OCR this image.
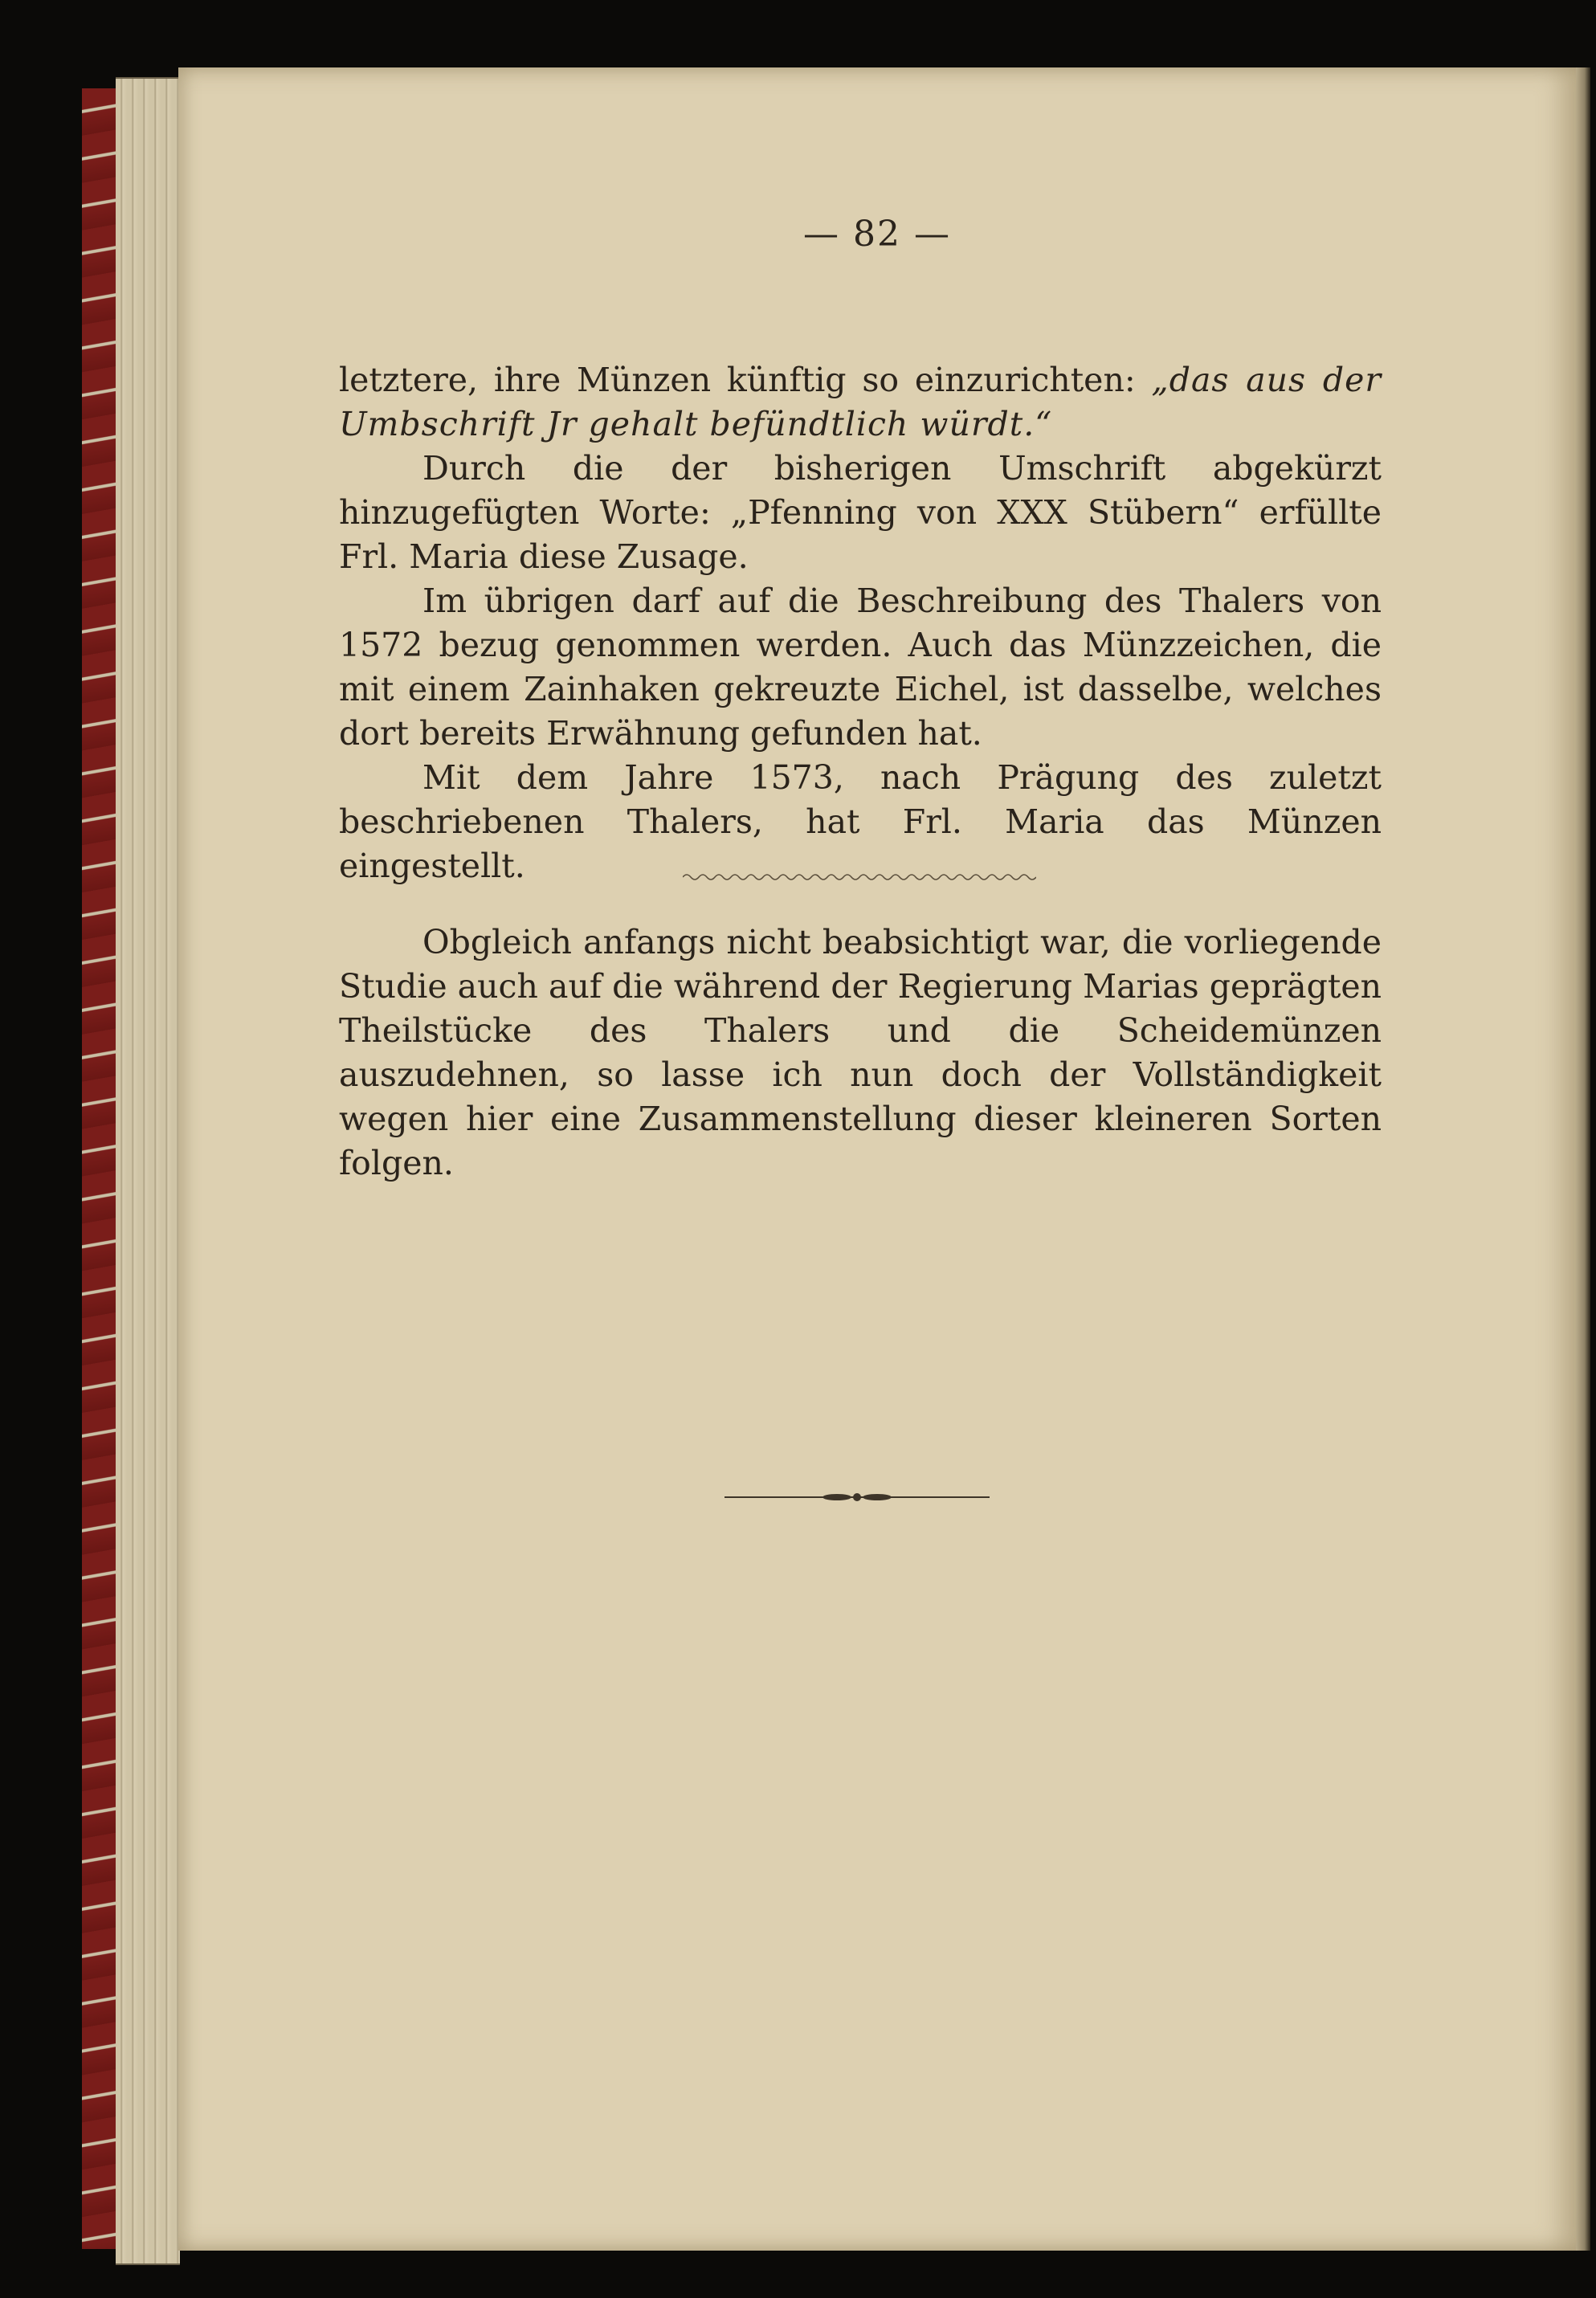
— 82 —

letztere, ihre Münzen künftig so einzurichten: „das aus der Umbschrift Jr gehalt befündtlich würdt.“

Durch die der bisherigen Umschrift abgekürzt hinzugefügten Worte: „Pfenning von XXX Stübern“ erfüllte Frl. Maria diese Zusage.

Im übrigen darf auf die Beschreibung des Thalers von 1572 bezug genommen werden. Auch das Münzzeichen, die mit einem Zainhaken gekreuzte Eichel, ist dasselbe, welches dort bereits Erwähnung gefunden hat.

Mit dem Jahre 1573, nach Prägung des zuletzt beschriebenen Thalers, hat Frl. Maria das Münzen eingestellt.

Obgleich anfangs nicht beabsichtigt war, die vorliegende Studie auch auf die während der Regierung Marias geprägten Theilstücke des Thalers und die Scheidemünzen auszudehnen, so lasse ich nun doch der Vollständigkeit wegen hier eine Zusammenstellung dieser kleineren Sorten folgen.
